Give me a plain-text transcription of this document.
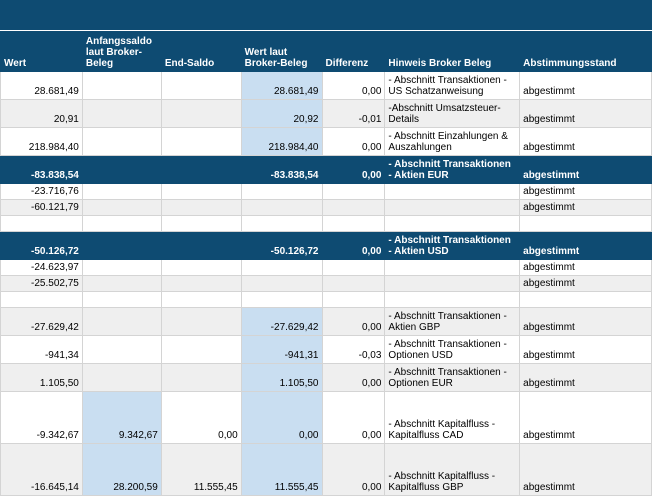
Wert	Anfangssaldo laut Broker-Beleg	End-Saldo	Wert laut Broker-Beleg	Differenz	Hinweis Broker Beleg	Abstimmungsstand
28.681,49			28.681,49	0,00	- Abschnitt Transaktionen - US Schatzanweisung	abgestimmt
20,91			20,92	-0,01	-Abschnitt Umsatzsteuer-Details	abgestimmt
218.984,40			218.984,40	0,00	- Abschnitt Einzahlungen & Auszahlungen	abgestimmt
-83.838,54			-83.838,54	0,00	- Abschnitt Transaktionen - Aktien EUR	abgestimmt
-23.716,76						abgestimmt
-60.121,79						abgestimmt

-50.126,72			-50.126,72	0,00	- Abschnitt Transaktionen - Aktien USD	abgestimmt
-24.623,97						abgestimmt
-25.502,75						abgestimmt

-27.629,42			-27.629,42	0,00	- Abschnitt Transaktionen - Aktien GBP	abgestimmt
-941,34			-941,31	-0,03	- Abschnitt Transaktionen - Optionen USD	abgestimmt
1.105,50			1.105,50	0,00	- Abschnitt Transaktionen - Optionen EUR	abgestimmt
-9.342,67	9.342,67	0,00	0,00	0,00	- Abschnitt Kapitalfluss - Kapitalfluss CAD	abgestimmt
-16.645,14	28.200,59	11.555,45	11.555,45	0,00	- Abschnitt Kapitalfluss - Kapitalfluss GBP	abgestimmt
